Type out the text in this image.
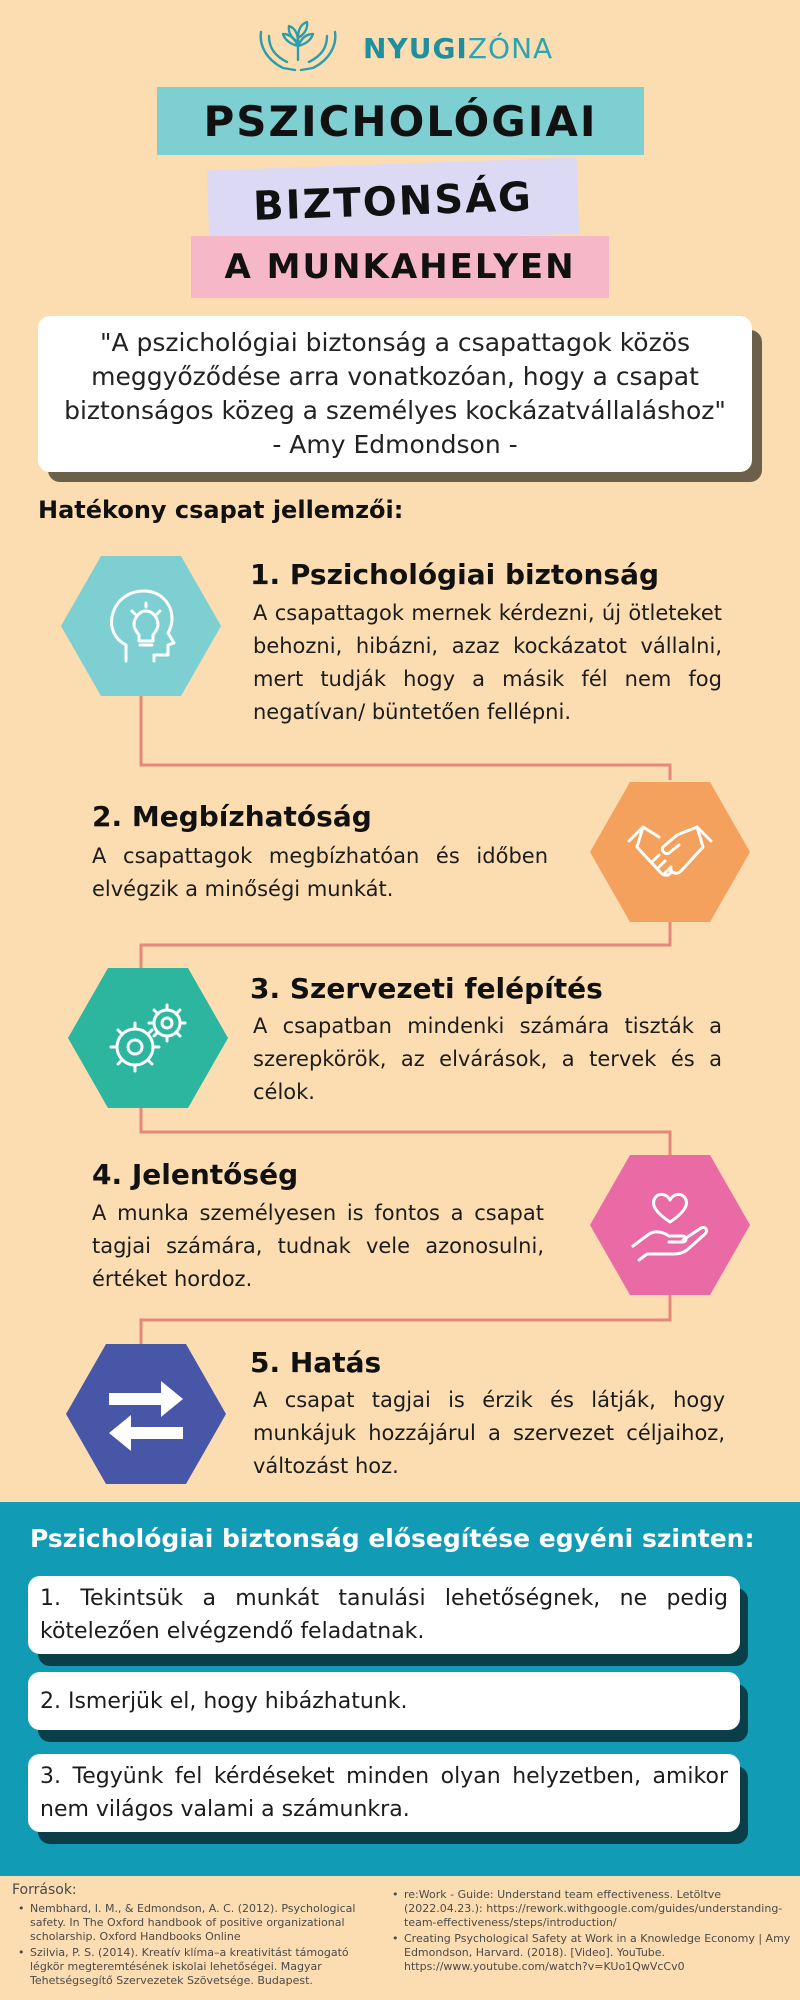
NYUGIZÓNA
PSZICHOLÓGIAI
BIZTONSÁG
A MUNKAHELYEN
"A pszichológiai biztonság a csapattagok közös meggyőződése arra vonatkozóan, hogy a csapat biztonságos közeg a személyes kockázatvállaláshoz"
- Amy Edmondson -
Hatékony csapat jellemzői:
1. Pszichológiai biztonság
A csapattagok mernek kérdezni, új ötleteket behozni, hibázni, azaz kockázatot vállalni, mert tudják hogy a másik fél nem fog negatívan/ büntetően fellépni.
2. Megbízhatóság
A csapattagok megbízhatóan és időben elvégzik a minőségi munkát.
3. Szervezeti felépítés
A csapatban mindenki számára tiszták a szerepkörök, az elvárások, a tervek és a célok.
4. Jelentőség
A munka személyesen is fontos a csapat tagjai számára, tudnak vele azonosulni, értéket hordoz.
5. Hatás
A csapat tagjai is érzik és látják, hogy munkájuk hozzájárul a szervezet céljaihoz, változást hoz.
Pszichológiai biztonság elősegítése egyéni szinten:
1. Tekintsük a munkát tanulási lehetőségnek, ne pedig kötelezően elvégzendő feladatnak.
2. Ismerjük el, hogy hibázhatunk.
3. Tegyünk fel kérdéseket minden olyan helyzetben, amikor nem világos valami a számunkra.
Források:
• Nembhard, I. M., & Edmondson, A. C. (2012). Psychological safety. In The Oxford handbook of positive organizational scholarship. Oxford Handbooks Online
• Szilvia, P. S. (2014). Kreatív klíma–a kreativitást támogató légkör megteremtésének iskolai lehetőségei. Magyar Tehetségsegítő Szervezetek Szövetsége. Budapest.
• re:Work - Guide: Understand team effectiveness. Letöltve (2022.04.23.): https://rework.withgoogle.com/guides/understanding-team-effectiveness/steps/introduction/
• Creating Psychological Safety at Work in a Knowledge Economy | Amy Edmondson, Harvard. (2018). [Video]. YouTube. https://www.youtube.com/watch?v=KUo1QwVcCv0
